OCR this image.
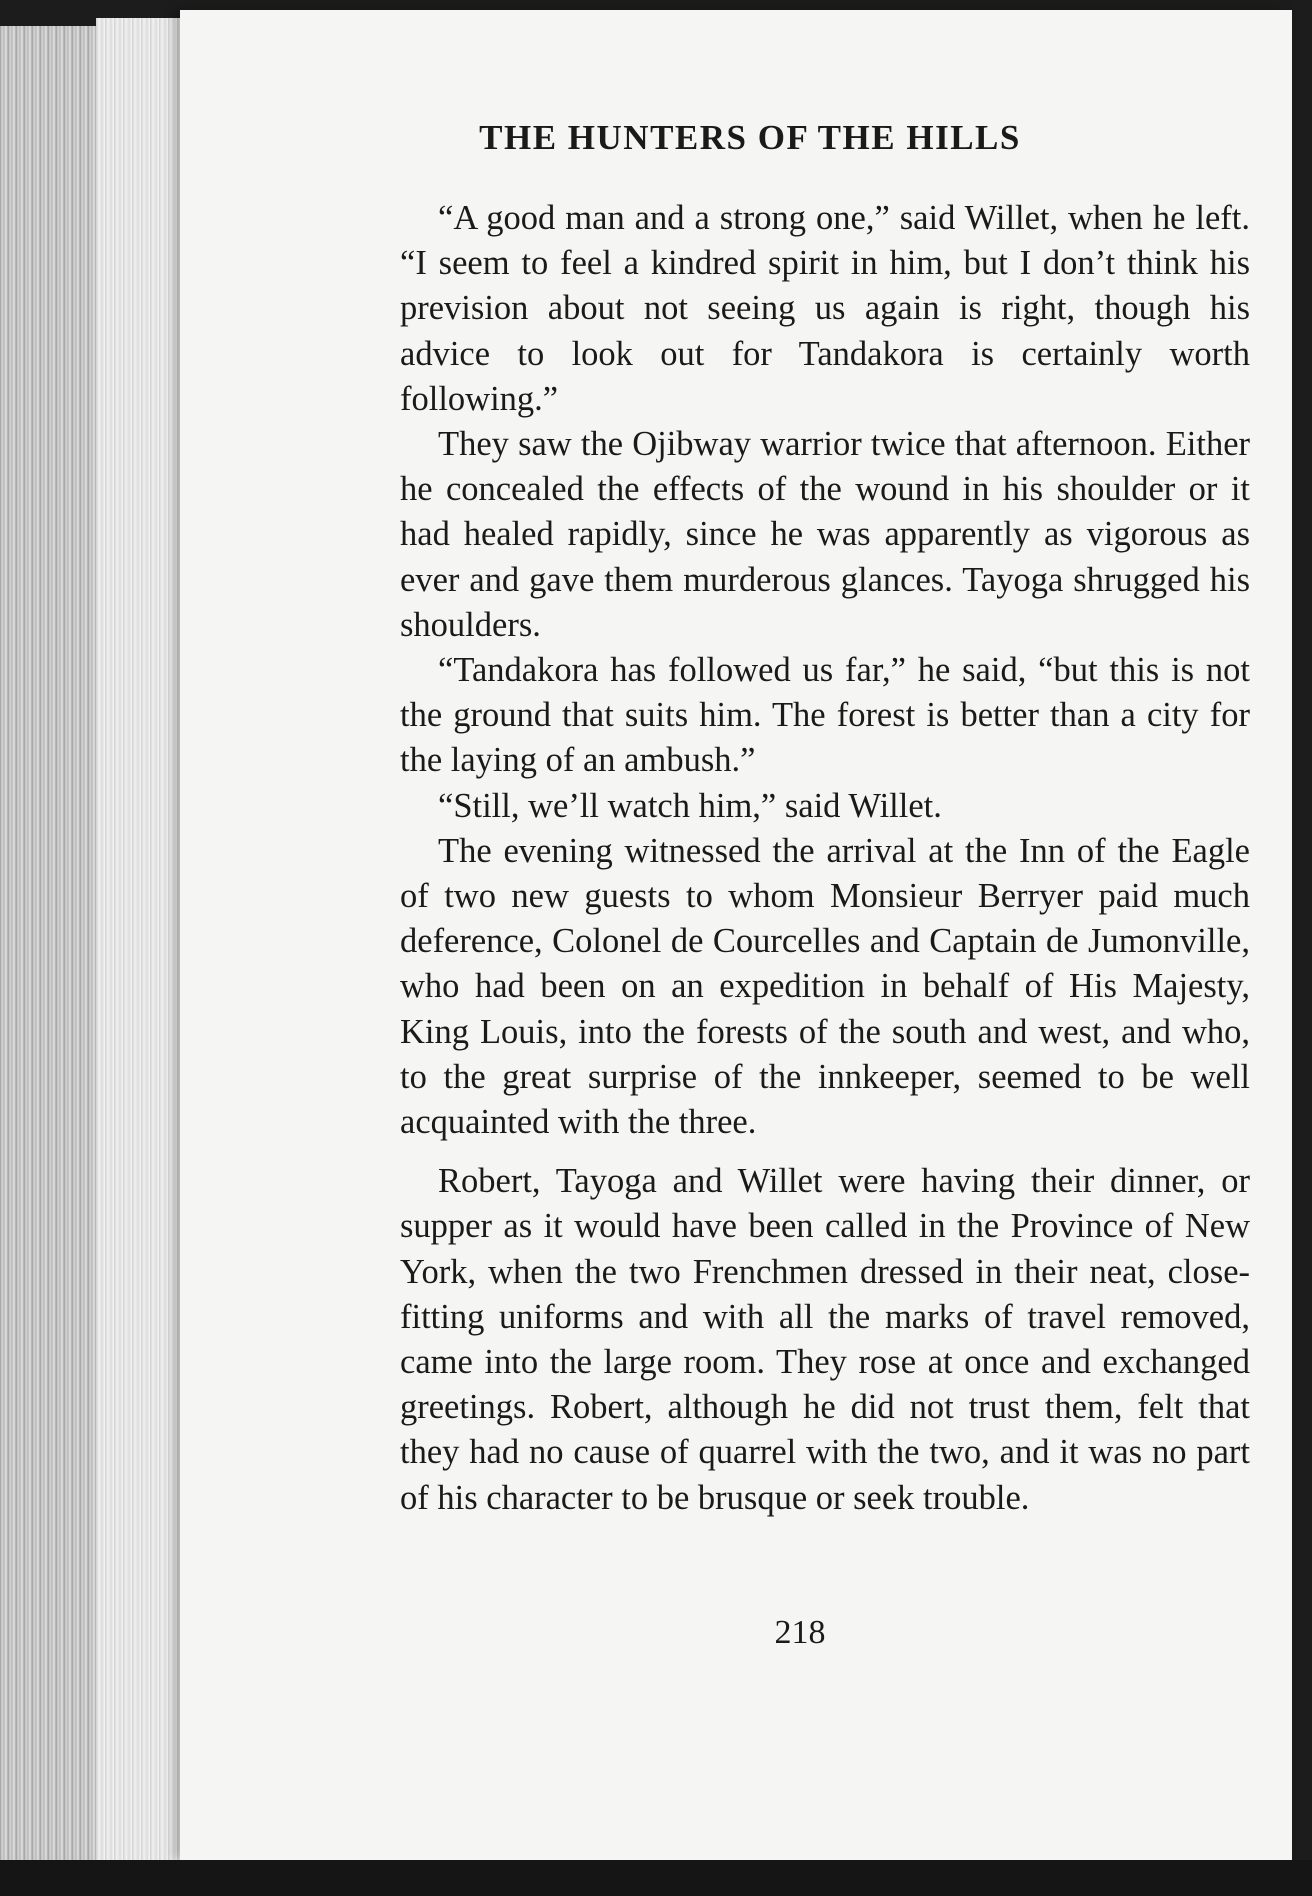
THE HUNTERS OF THE HILLS

“A good man and a strong one,” said Willet, when he left. “I seem to feel a kindred spirit in him, but I don’t think his prevision about not seeing us again is right, though his advice to look out for Tandakora is certainly worth following.”

They saw the Ojibway warrior twice that afternoon. Either he concealed the effects of the wound in his shoulder or it had healed rapidly, since he was apparently as vigorous as ever and gave them murderous glances. Tayoga shrugged his shoulders.

“Tandakora has followed us far,” he said, “but this is not the ground that suits him. The forest is better than a city for the laying of an ambush.”

“Still, we’ll watch him,” said Willet.

The evening witnessed the arrival at the Inn of the Eagle of two new guests to whom Monsieur Berryer paid much deference, Colonel de Courcelles and Captain de Jumonville, who had been on an expedition in behalf of His Majesty, King Louis, into the forests of the south and west, and who, to the great surprise of the innkeeper, seemed to be well acquainted with the three.

Robert, Tayoga and Willet were having their dinner, or supper as it would have been called in the Province of New York, when the two Frenchmen dressed in their neat, close-fitting uniforms and with all the marks of travel removed, came into the large room. They rose at once and exchanged greetings. Robert, although he did not trust them, felt that they had no cause of quarrel with the two, and it was no part of his character to be brusque or seek trouble.

218
